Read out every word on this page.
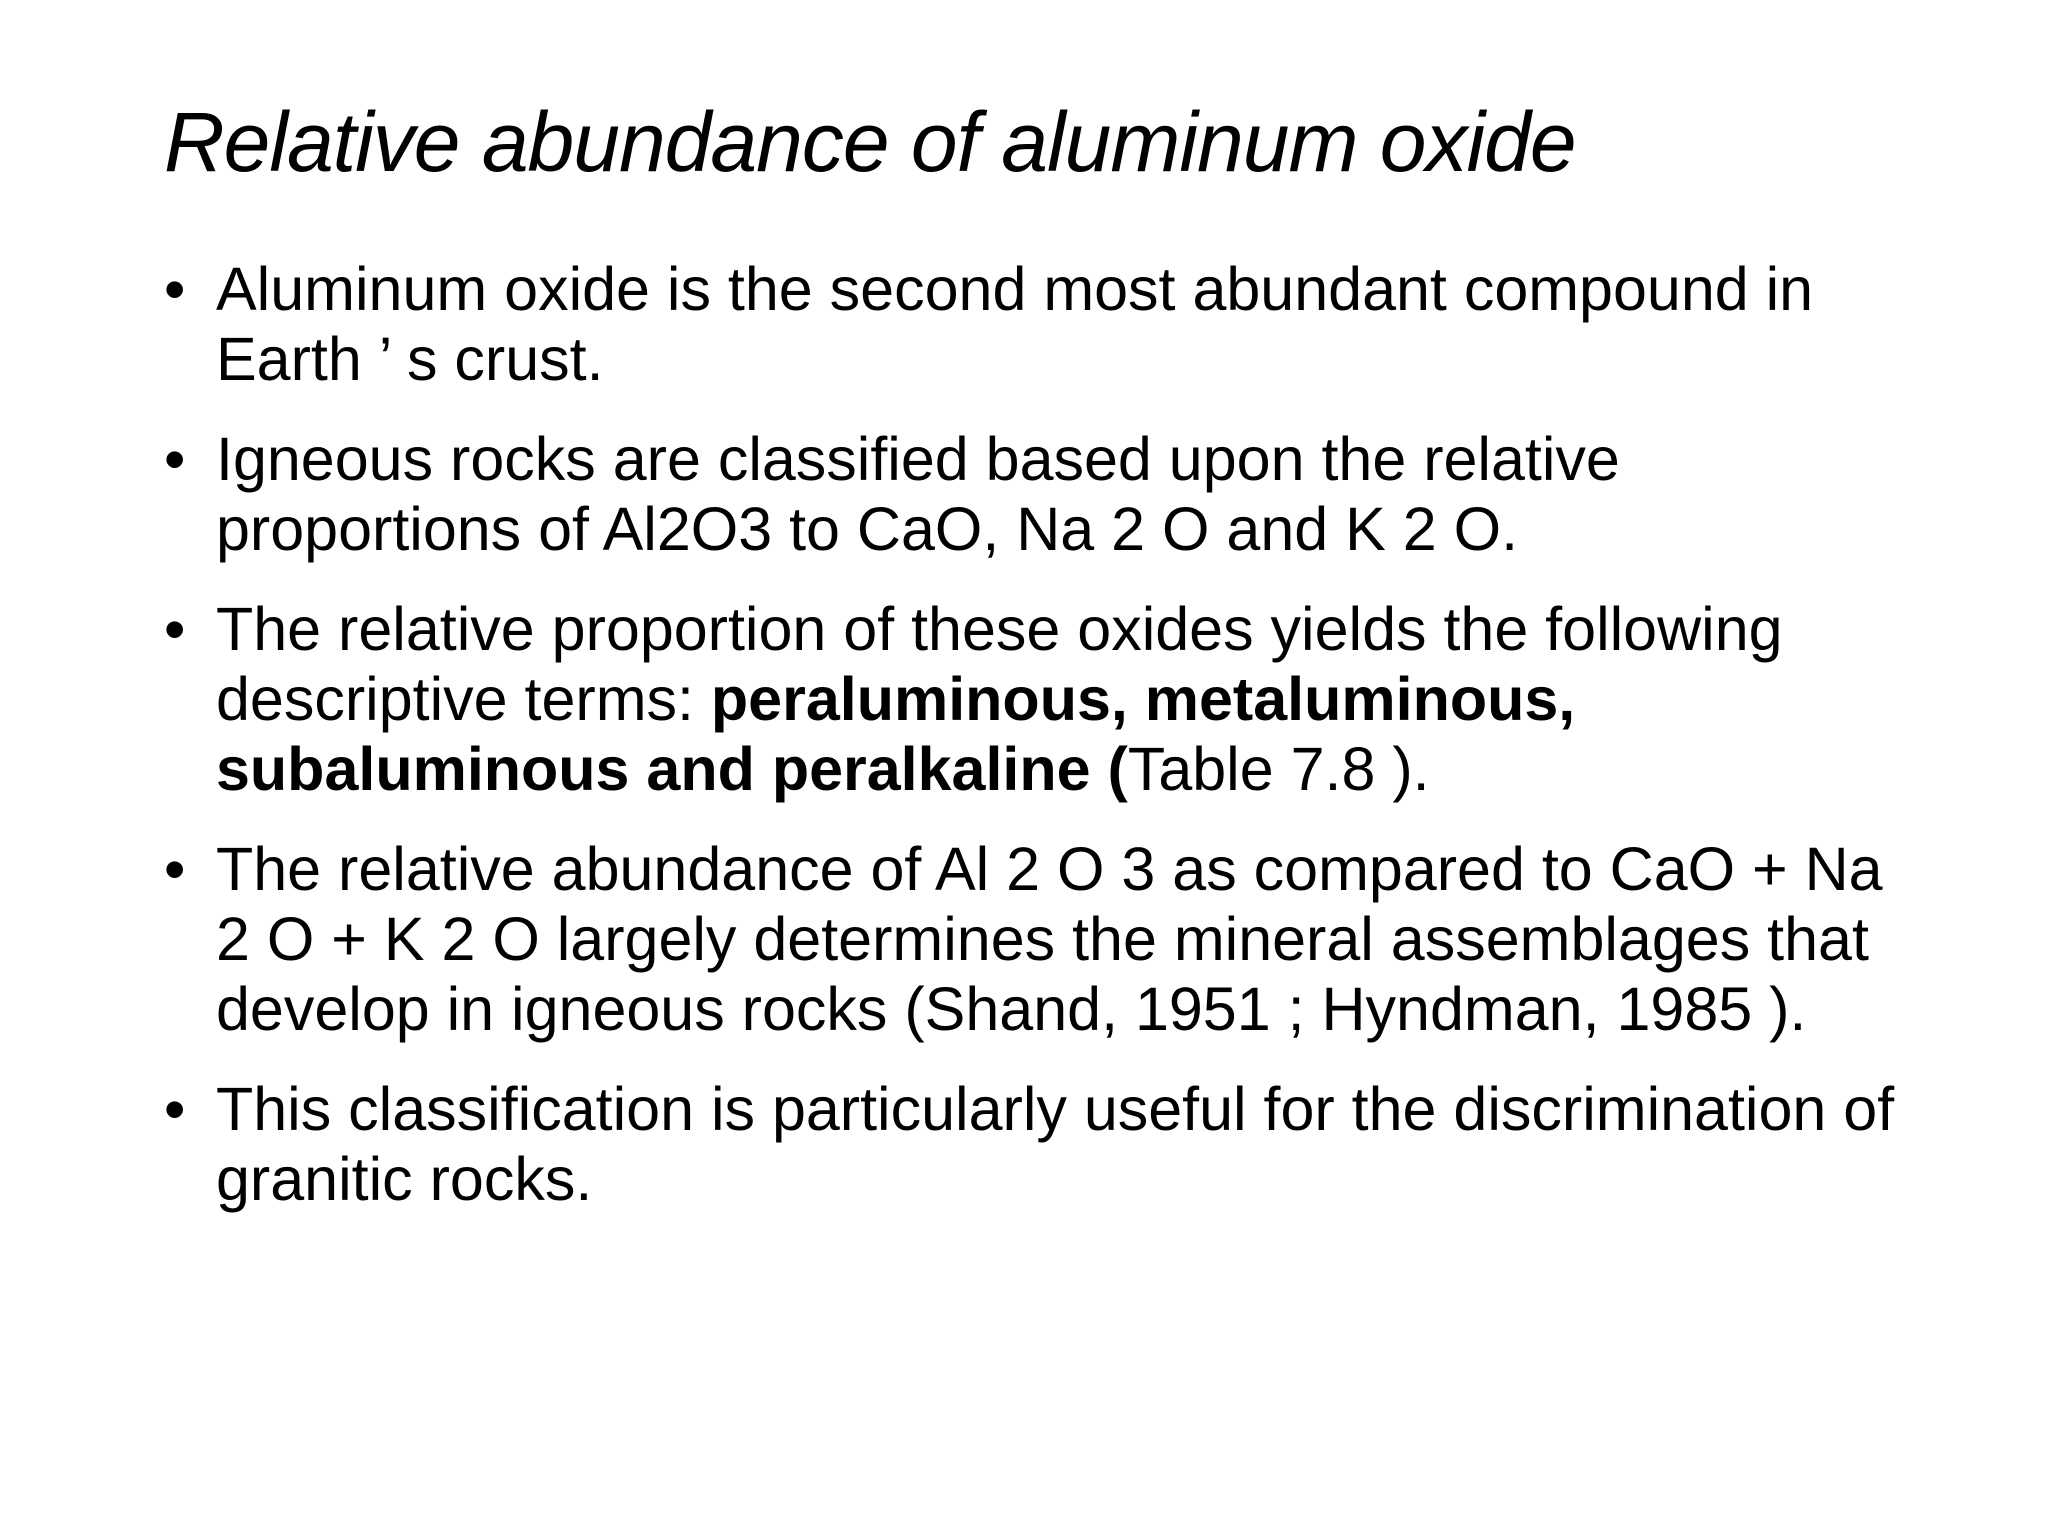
Relative abundance of aluminum oxide
• Aluminum oxide is the second most abundant compound in Earth ’ s crust.
• Igneous rocks are classified based upon the relative proportions of Al2O3 to CaO, Na 2 O and K 2 O.
• The relative proportion of these oxides yields the following descriptive terms: peraluminous, metaluminous, subaluminous and peralkaline (Table 7.8 ).
• The relative abundance of Al 2 O 3 as compared to CaO + Na 2 O + K 2 O largely determines the mineral assemblages that develop in igneous rocks (Shand, 1951 ; Hyndman, 1985 ).
• This classification is particularly useful for the discrimination of granitic rocks.
